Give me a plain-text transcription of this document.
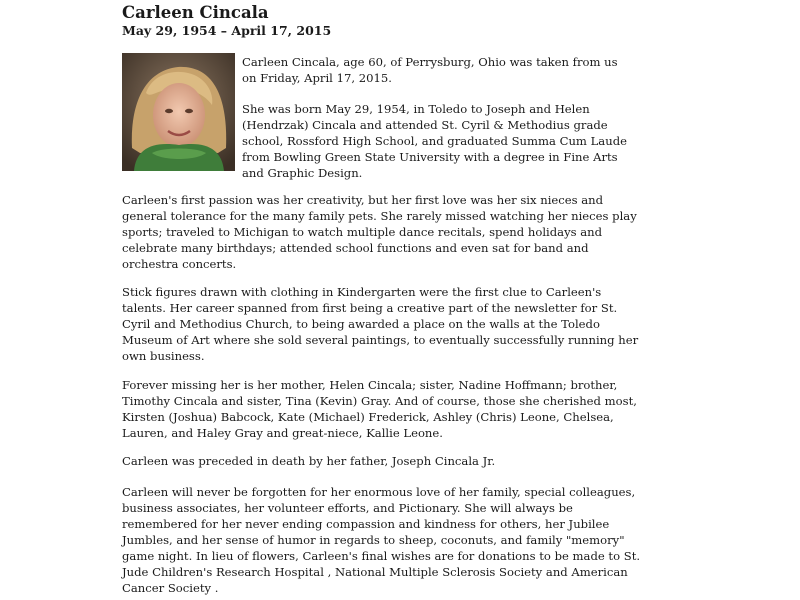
Carleen Cincala

May 29, 1954 – April 17, 2015

Carleen Cincala, age 60, of Perrysburg, Ohio was taken from us on Friday, April 17, 2015.

She was born May 29, 1954, in Toledo to Joseph and Helen (Hendrzak) Cincala and attended St. Cyril & Methodius grade school, Rossford High School, and graduated Summa Cum Laude from Bowling Green State University with a degree in Fine Arts and Graphic Design.

Carleen's first passion was her creativity, but her first love was her six nieces and general tolerance for the many family pets. She rarely missed watching her nieces play sports; traveled to Michigan to watch multiple dance recitals, spend holidays and celebrate many birthdays; attended school functions and even sat for band and orchestra concerts.

Stick figures drawn with clothing in Kindergarten were the first clue to Carleen's talents. Her career spanned from first being a creative part of the newsletter for St. Cyril and Methodius Church, to being awarded a place on the walls at the Toledo Museum of Art where she sold several paintings, to eventually successfully running her own business.

Forever missing her is her mother, Helen Cincala; sister, Nadine Hoffmann; brother, Timothy Cincala and sister, Tina (Kevin) Gray. And of course, those she cherished most, Kirsten (Joshua) Babcock, Kate (Michael) Frederick, Ashley (Chris) Leone, Chelsea, Lauren, and Haley Gray and great-niece, Kallie Leone.

Carleen was preceded in death by her father, Joseph Cincala Jr.

Carleen will never be forgotten for her enormous love of her family, special colleagues, business associates, her volunteer efforts, and Pictionary. She will always be remembered for her never ending compassion and kindness for others, her Jubilee Jumbles, and her sense of humor in regards to sheep, coconuts, and family "memory" game night. In lieu of flowers, Carleen's final wishes are for donations to be made to St. Jude Children's Research Hospital , National Multiple Sclerosis Society and American Cancer Society .
